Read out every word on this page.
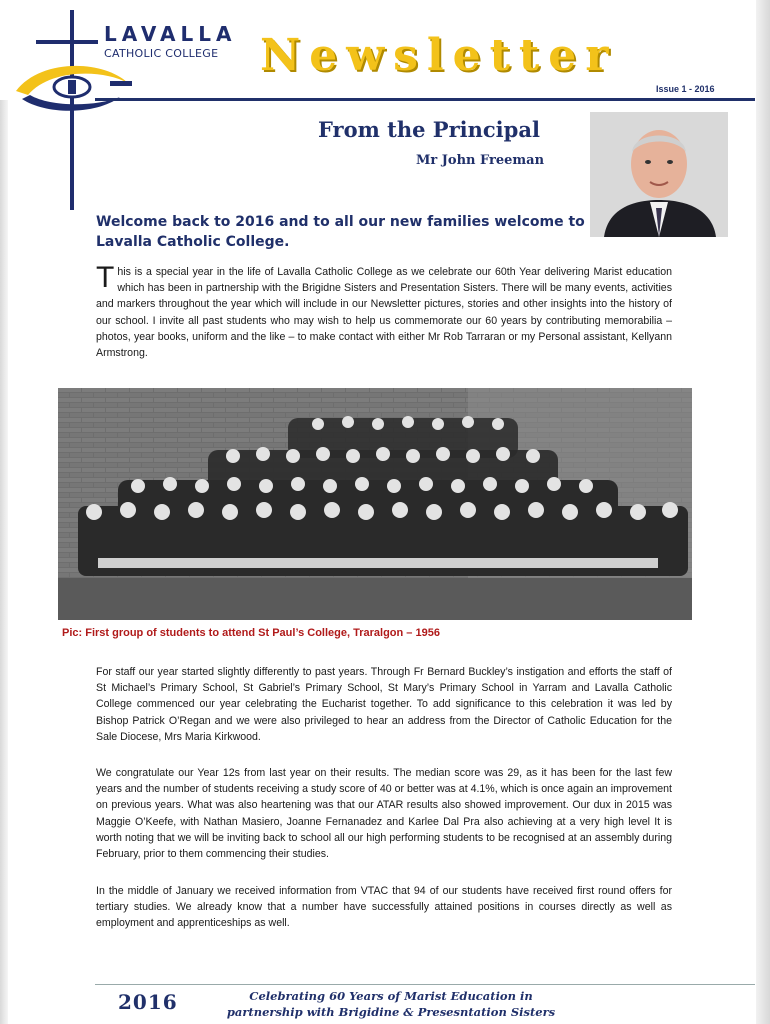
LAVALLA
CATHOLIC COLLEGE Newsletter
Issue 1 - 2016
From the Principal
Mr John Freeman
Welcome back to 2016 and to all our new families welcome to Lavalla Catholic College.
This is a special year in the life of Lavalla Catholic College as we celebrate our 60th Year delivering Marist education which has been in partnership with the Brigidne Sisters and Presentation Sisters. There will be many events, activities and markers throughout the year which will include in our Newsletter pictures, stories and other insights into the history of our school. I invite all past students who may wish to help us commemorate our 60 years by contributing memorabilia – photos, year books, uniform and the like – to make contact with either Mr Rob Tarraran or my Personal assistant, Kellyann Armstrong.
Pic: First group of students to attend St Paul’s College, Traralgon – 1956
For staff our year started slightly differently to past years. Through Fr Bernard Buckley’s instigation and efforts the staff of St Michael’s Primary School, St Gabriel’s Primary School, St Mary’s Primary School in Yarram and Lavalla Catholic College commenced our year celebrating the Eucharist together. To add significance to this celebration it was led by Bishop Patrick O’Regan and we were also privileged to hear an address from the Director of Catholic Education for the Sale Diocese, Mrs Maria Kirkwood.
We congratulate our Year 12s from last year on their results. The median score was 29, as it has been for the last few years and the number of students receiving a study score of 40 or better was at 4.1%, which is once again an improvement on previous years. What was also heartening was that our ATAR results also showed improvement. Our dux in 2015 was Maggie O’Keefe, with Nathan Masiero, Joanne Fernanadez and Karlee Dal Pra also achieving at a very high level It is worth noting that we will be inviting back to school all our high performing students to be recognised at an assembly during February, prior to them commencing their studies.
In the middle of January we received information from VTAC that 94 of our students have received first round offers for tertiary studies. We already know that a number have successfully attained positions in courses directly as well as employment and apprenticeships as well.
2016	Celebrating 60 Years of Marist Education in
partnership with Brigidine & Presesntation Sisters
